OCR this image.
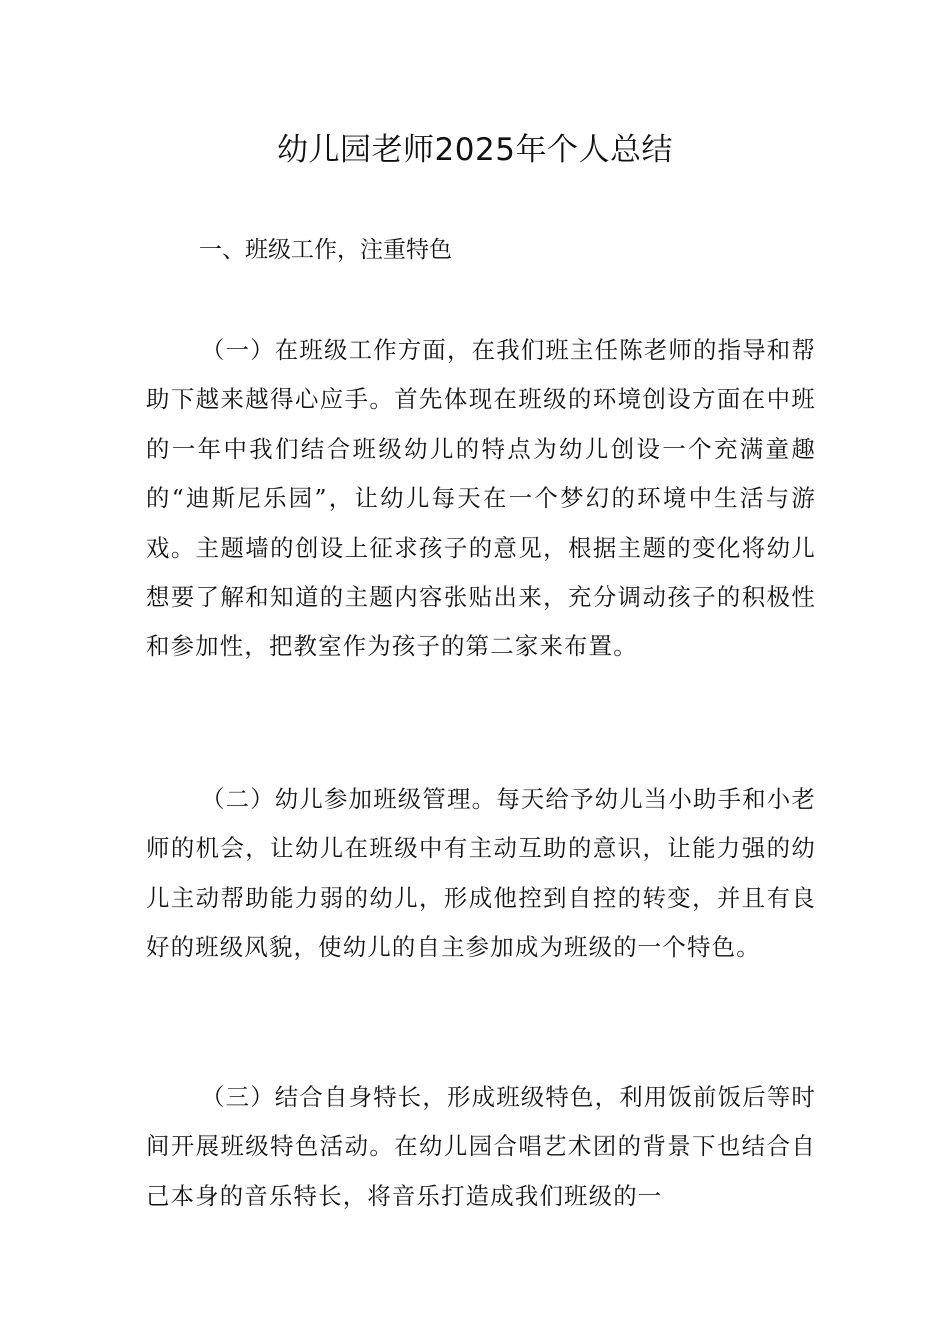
幼儿园老师2025年个人总结
一、班级工作，注重特色

（一）在班级工作方面，在我们班主任陈老师的指导和帮助下越来越得心应手。首先体现在班级的环境创设方面在中班的一年中我们结合班级幼儿的特点为幼儿创设一个充满童趣的“迪斯尼乐园”，让幼儿每天在一个梦幻的环境中生活与游戏。主题墙的创设上征求孩子的意见，根据主题的变化将幼儿想要了解和知道的主题内容张贴出来，充分调动孩子的积极性和参加性，把教室作为孩子的第二家来布置。

（二）幼儿参加班级管理。每天给予幼儿当小助手和小老师的机会，让幼儿在班级中有主动互助的意识，让能力强的幼儿主动帮助能力弱的幼儿，形成他控到自控的转变，并且有良好的班级风貌，使幼儿的自主参加成为班级的一个特色。

（三）结合自身特长，形成班级特色，利用饭前饭后等时间开展班级特色活动。在幼儿园合唱艺术团的背景下也结合自己本身的音乐特长，将音乐打造成我们班级的一
